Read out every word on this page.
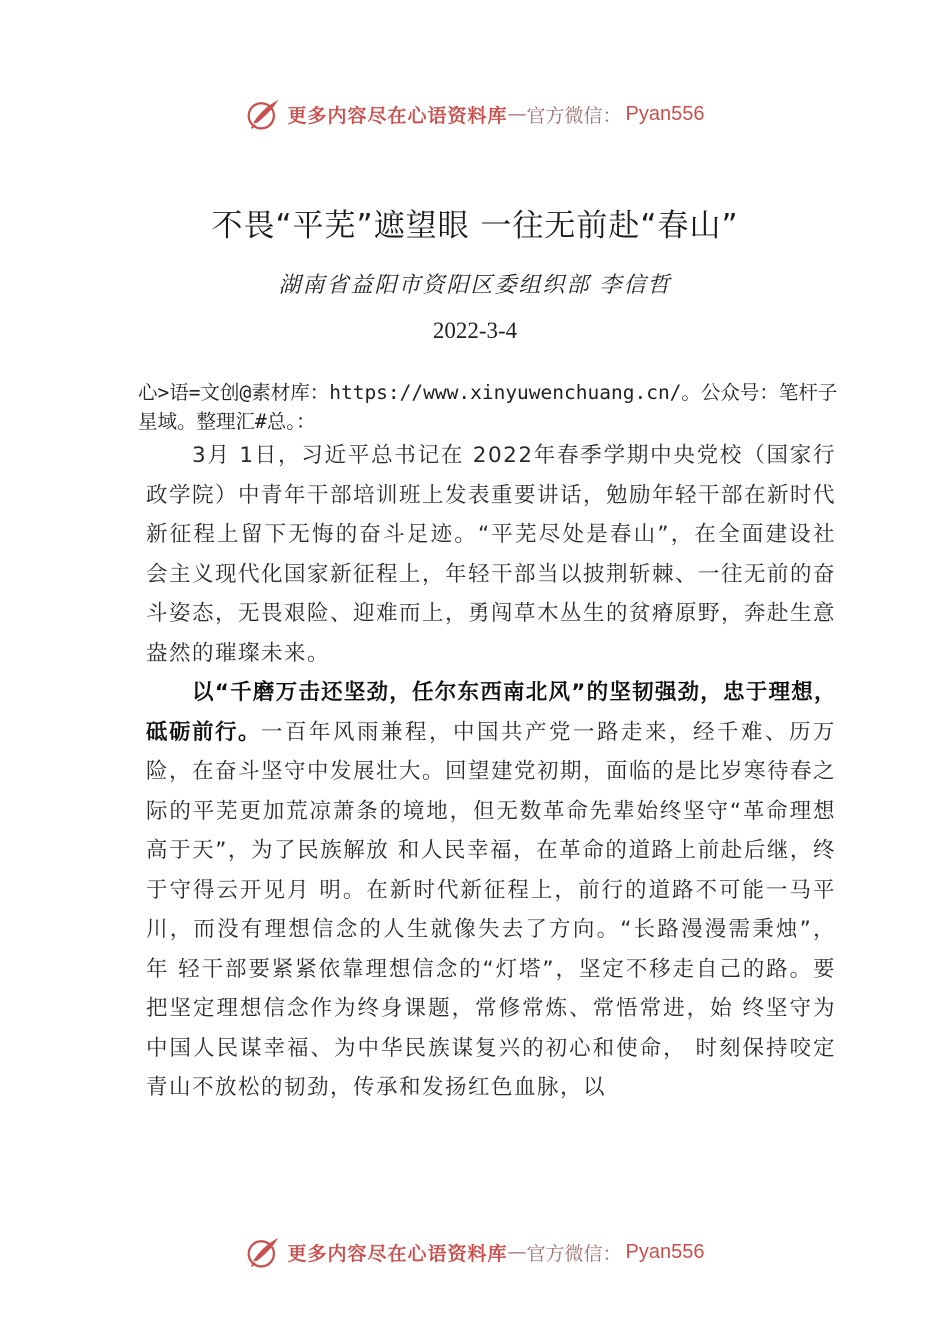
更多内容尽在心语资料库 — 官方微信： Pyan556
不畏“平芜”遮望眼 一往无前赴“春山”
湖南省益阳市资阳区委组织部 李信哲
2022-3-4
心>语=文创@素材库：https://www.xinyuwenchuang.cn/。公众号：笔杆子星域。整理汇#总。：

3月 1日，习近平总书记在 2022年春季学期中央党校（国家行政学院）中青年干部培训班上发表重要讲话，勉励年轻干部在新时代新征程上留下无悔的奋斗足迹。“平芜尽处是春山”，在全面建设社会主义现代化国家新征程上，年轻干部当以披荆斩棘、一往无前的奋斗姿态，无畏艰险、迎难而上，勇闯草木丛生的贫瘠原野，奔赴生意盎然的璀璨未来。

以“千磨万击还坚劲，任尔东西南北风”的坚韧强劲，忠于理想，砥砺前行。一百年风雨兼程，中国共产党一路走来，经千难、历万险，在奋斗坚守中发展壮大。回望建党初期，面临的是比岁寒待春之际的平芜更加荒凉萧条的境地，但无数革命先辈始终坚守“革命理想高于天”，为了民族解放 和人民幸福，在革命的道路上前赴后继，终于守得云开见月 明。在新时代新征程上，前行的道路不可能一马平川，而没有理想信念的人生就像失去了方向。“长路漫漫需秉烛”，年 轻干部要紧紧依靠理想信念的“灯塔”，坚定不移走自己的路。要把坚定理想信念作为终身课题，常修常炼、常悟常进，始 终坚守为中国人民谋幸福、为中华民族谋复兴的初心和使命， 时刻保持咬定青山不放松的韧劲，传承和发扬红色血脉，以

更多内容尽在心语资料库 — 官方微信： Pyan556
